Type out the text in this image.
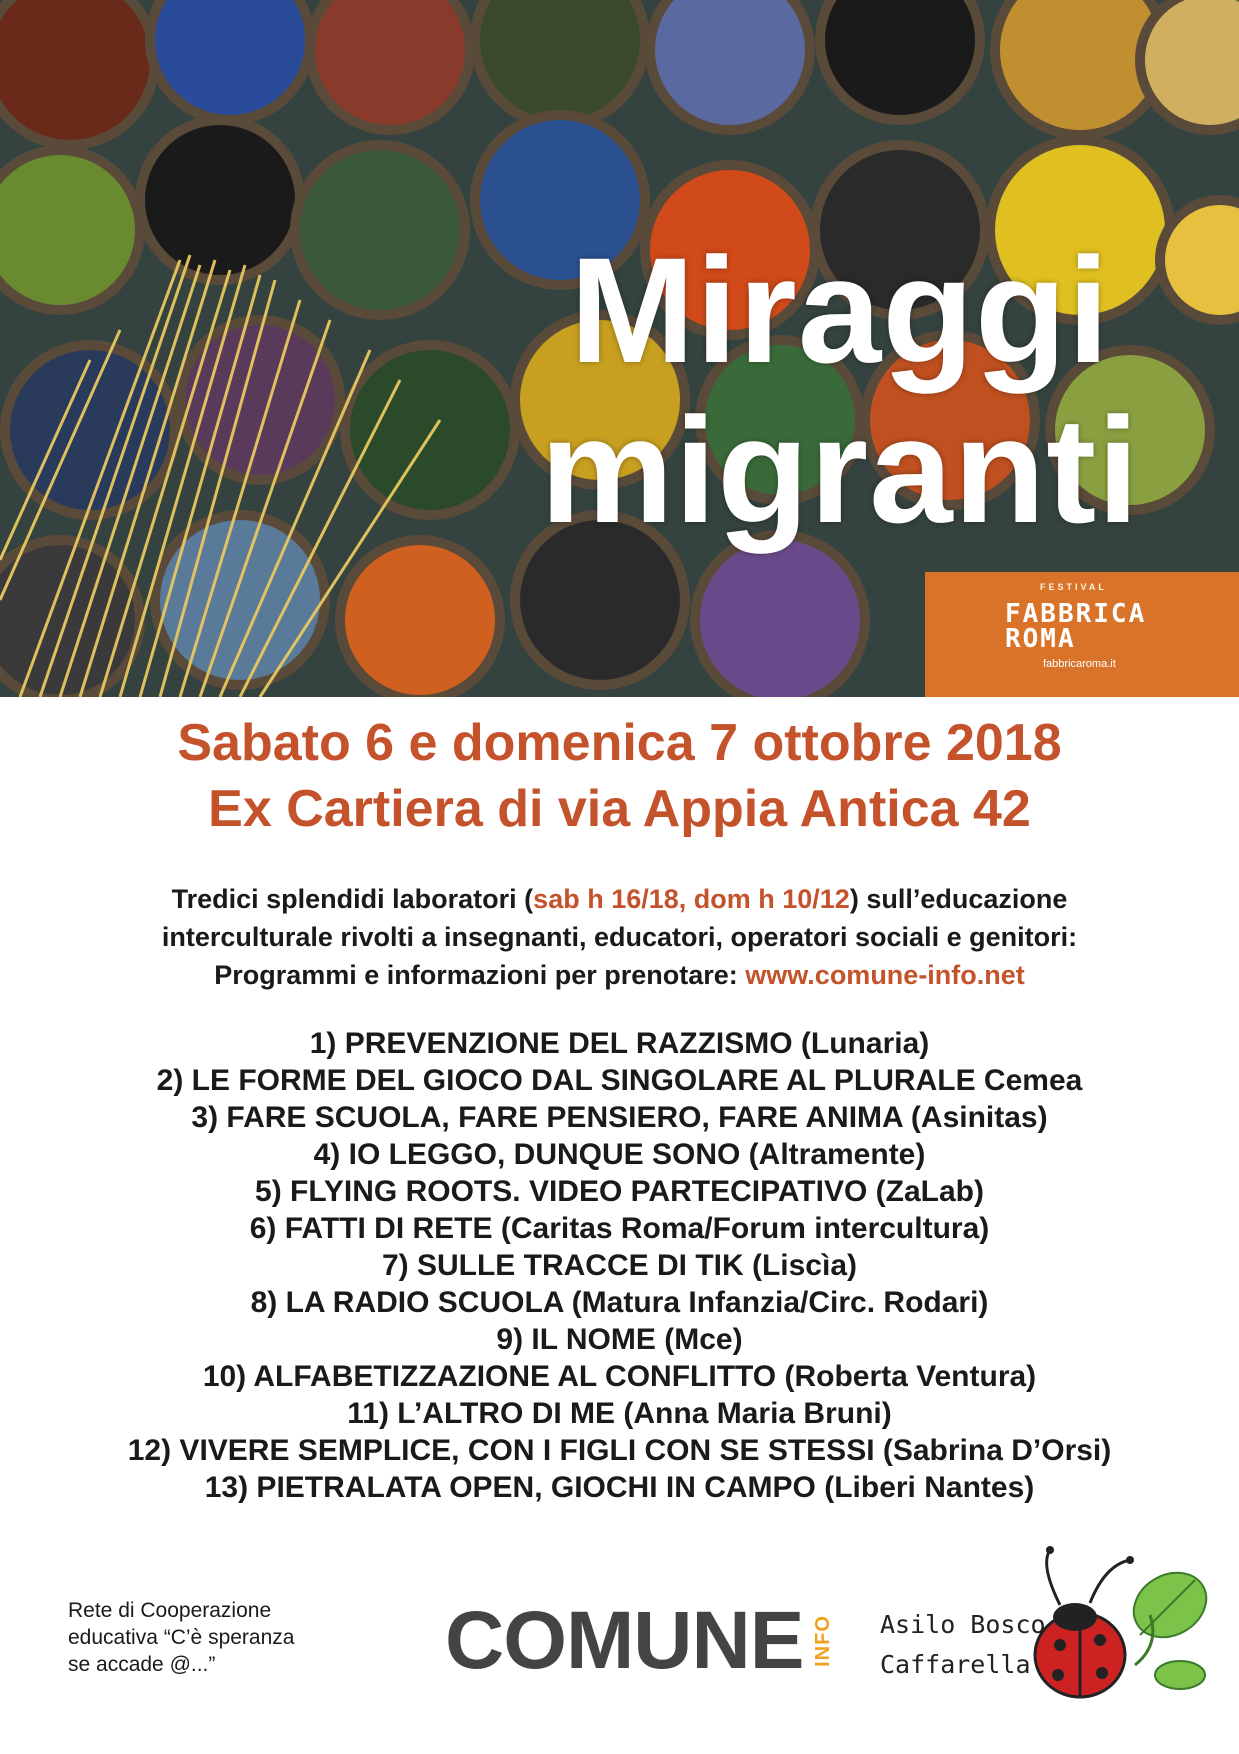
Miraggi
migranti
FESTIVAL
FABBRICA
ROMA
fabbricaroma.it
Sabato 6 e domenica 7 ottobre 2018
Ex Cartiera di via Appia Antica 42
Tredici splendidi laboratori (sab h 16/18, dom h 10/12) sull’educazione
interculturale rivolti a insegnanti, educatori, operatori sociali e genitori:
Programmi e informazioni per prenotare: www.comune-info.net
1) PREVENZIONE DEL RAZZISMO (Lunaria)
2) LE FORME DEL GIOCO DAL SINGOLARE AL PLURALE Cemea
3) FARE SCUOLA, FARE PENSIERO, FARE ANIMA (Asinitas)
4) IO LEGGO, DUNQUE SONO (Altramente)
5) FLYING ROOTS. VIDEO PARTECIPATIVO (ZaLab)
6) FATTI DI RETE (Caritas Roma/Forum intercultura)
7) SULLE TRACCE DI TIK (Liscìa)
8) LA RADIO SCUOLA (Matura Infanzia/Circ. Rodari)
9) IL NOME (Mce)
10) ALFABETIZZAZIONE AL CONFLITTO (Roberta Ventura)
11) L’ALTRO DI ME (Anna Maria Bruni)
12) VIVERE SEMPLICE, CON I FIGLI CON SE STESSI (Sabrina D’Orsi)
13) PIETRALATA OPEN, GIOCHI IN CAMPO (Liberi Nantes)
Rete di Cooperazione
educativa “C’è speranza
se accade @...”	COMUNE INFO Asilo Bosco
Caffarella
